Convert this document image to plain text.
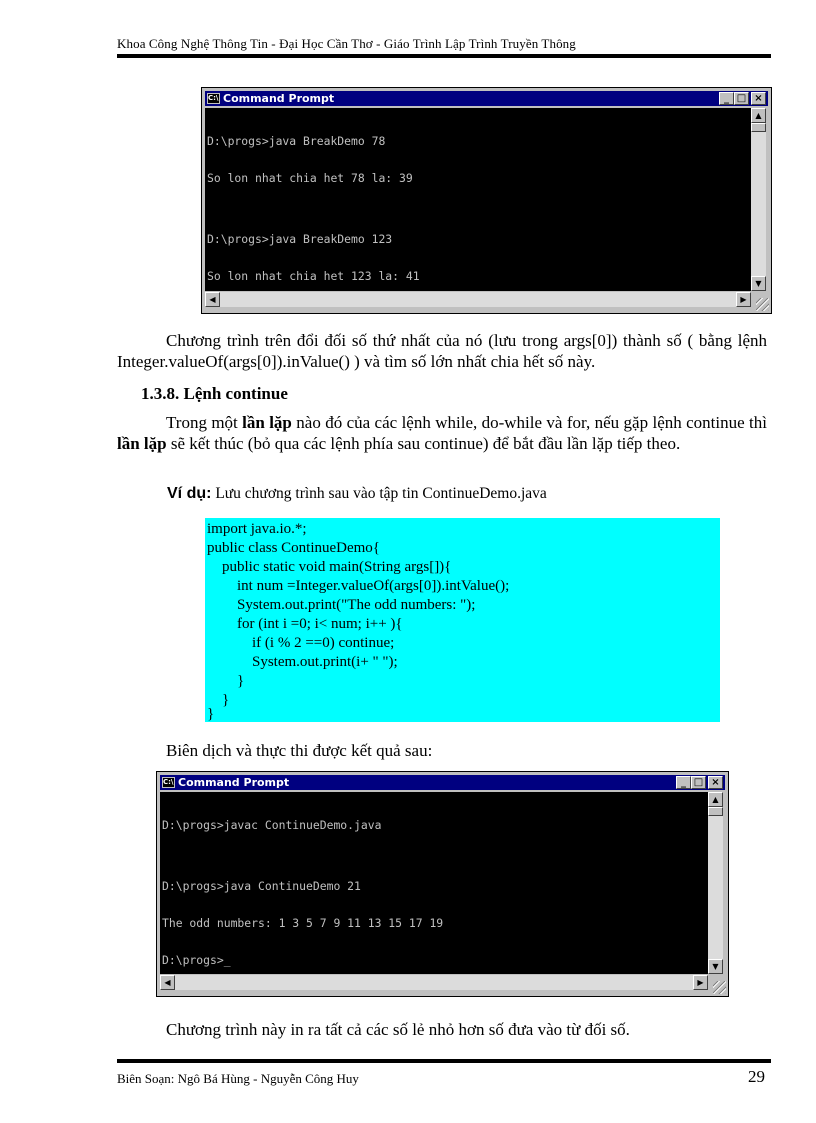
Khoa Công Nghệ Thông Tin - Đại Học Cần Thơ - Giáo Trình Lập Trình Truyền Thông
C:\ Command Prompt	_ □ ×

D:\progs>java BreakDemo 78

So lon nhat chia het 78 la: 39

D:\progs>java BreakDemo 123

So lon nhat chia het 123 la: 41

▲
▼
◀	▶
Chương trình trên đổi đối số thứ nhất của nó (lưu trong args[0]) thành số ( bằng lệnh Integer.valueOf(args[0]).inValue() ) và tìm số lớn nhất chia hết số này.
1.3.8. Lệnh continue
Trong một lần lặp nào đó của các lệnh while, do-while và for, nếu gặp lệnh continue thì lần lặp sẽ kết thúc (bỏ qua các lệnh phía sau continue) để bắt đầu lần lặp tiếp theo.
Ví dụ: Lưu chương trình sau vào tập tin ContinueDemo.java
import java.io.*;
public class ContinueDemo{
public static void main(String args[]){
int num =Integer.valueOf(args[0]).intValue();
System.out.print("The odd numbers: ");
for (int i =0; i< num; i++ ){
if (i % 2 ==0) continue;
System.out.print(i+ " ");
}
}
}
Biên dịch và thực thi được kết quả sau:
C:\ Command Prompt	_ □ ×

D:\progs>javac ContinueDemo.java

D:\progs>java ContinueDemo 21

The odd numbers: 1 3 5 7 9 11 13 15 17 19

D:\progs>_

▲
▼
◀	▶
Chương trình này in ra tất cả các số lẻ nhỏ hơn số đưa vào từ đối số.
Biên Soạn: Ngô Bá Hùng - Nguyễn Công Huy	29
